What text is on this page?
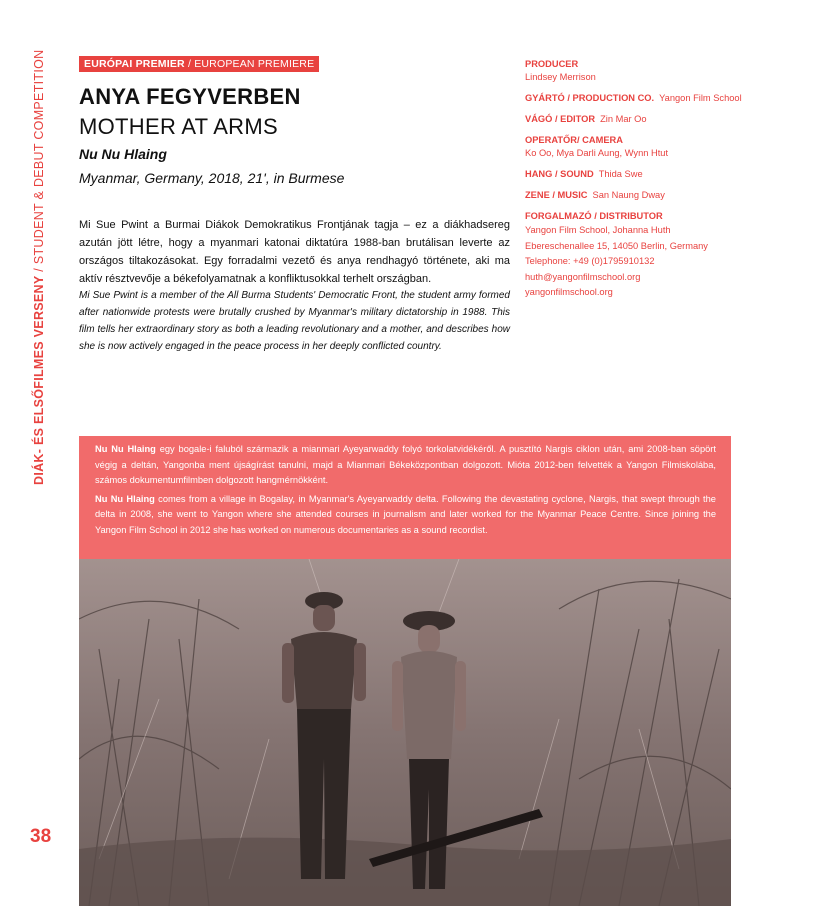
DIÁK- ÉS ELSŐFILMES VERSENY / STUDENT & DEBUT COMPETITION
38
EURÓPAI PREMIER / EUROPEAN PREMIERE
ANYA FEGYVERBEN
MOTHER AT ARMS
Nu Nu Hlaing
Myanmar, Germany, 2018, 21', in Burmese
Mi Sue Pwint a Burmai Diákok Demokratikus Frontjának tagja – ez a diákhadsereg azután jött létre, hogy a myanmari katonai diktatúra 1988-ban brutálisan leverte az országos tiltakozásokat. Egy forradalmi vezető és anya rendhagyó története, aki ma aktív résztvevője a békefolyamatnak a konfliktusokkal terhelt országban.
Mi Sue Pwint is a member of the All Burma Students' Democratic Front, the student army formed after nationwide protests were brutally crushed by Myanmar's military dictatorship in 1988. This film tells her extraordinary story as both a leading revolutionary and a mother, and describes how she is now actively engaged in the peace process in her deeply conflicted country.
PRODUCER
Lindsey Merrison
GYÁRTÓ / PRODUCTION CO. Yangon Film School
VÁGÓ / EDITOR Zin Mar Oo
OPERATŐR/ CAMERA
Ko Oo, Mya Darli Aung, Wynn Htut
HANG / SOUND Thida Swe
ZENE / MUSIC San Naung Dway
FORGALMAZÓ / DISTRIBUTOR
Yangon Film School, Johanna Huth
Ebereschenallee 15, 14050 Berlin, Germany
Telephone: +49 (0)1795910132
huth@yangonfilmschool.org
yangonfilmschool.org

Nu Nu Hlaing egy bogale-i faluból származik a mianmari Ayeyarwaddy folyó torkolatvidékéről. A pusztító Nargis ciklon után, ami 2008-ban söpört végig a deltán, Yangonba ment újságírást tanulni, majd a Mianmari Békeközpontban dolgozott. Mióta 2012-ben felvették a Yangon Filmiskolába, számos dokumentumfilmben dolgozott hangmérnökként.

Nu Nu Hlaing comes from a village in Bogalay, in Myanmar's Ayeyarwaddy delta. Following the devastating cyclone, Nargis, that swept through the delta in 2008, she went to Yangon where she attended courses in journalism and later worked for the Myanmar Peace Centre. Since joining the Yangon Film School in 2012 she has worked on numerous documentaries as a sound recordist.
